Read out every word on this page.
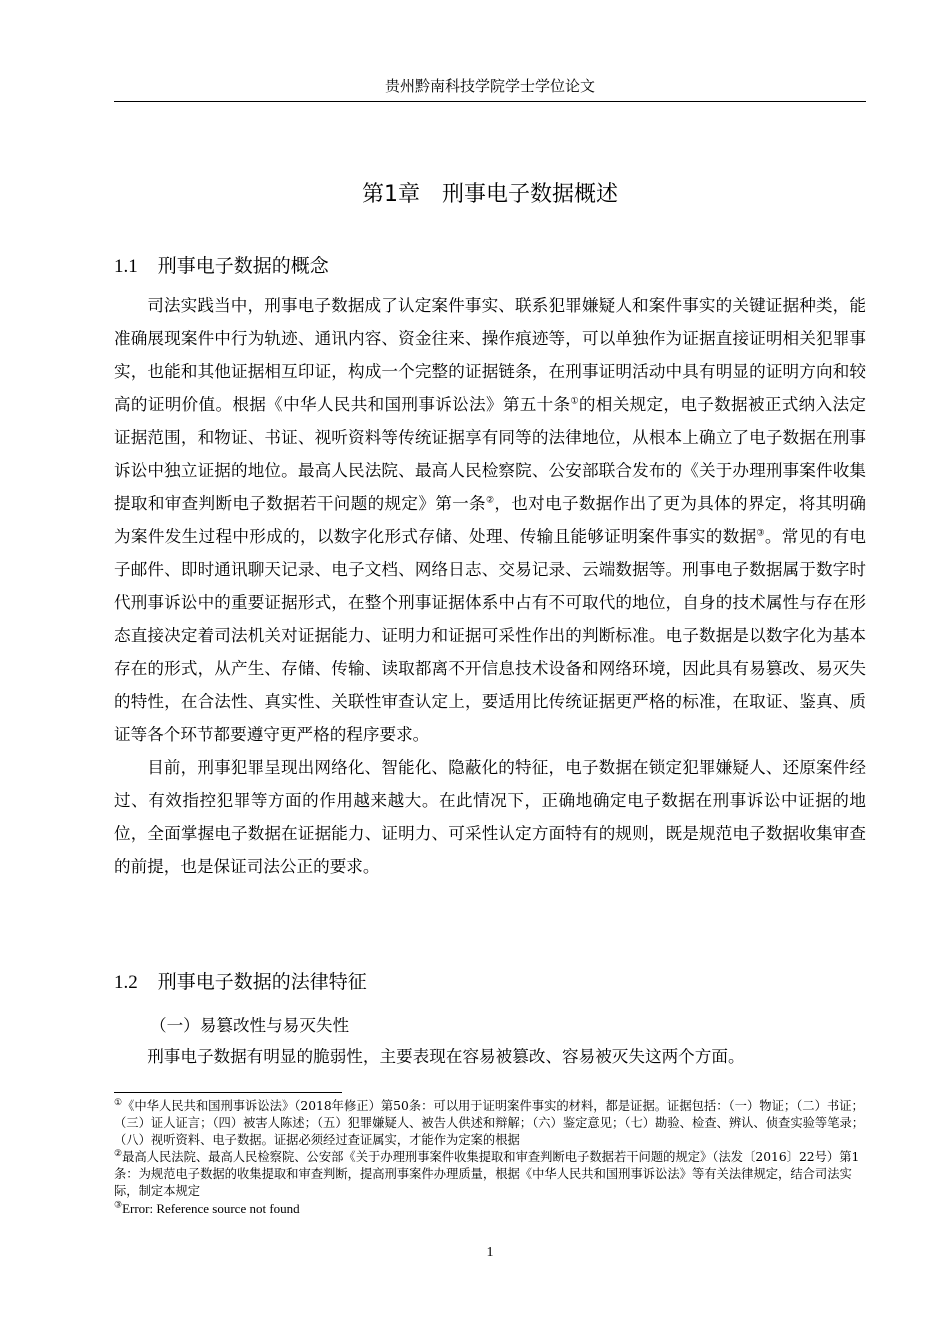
贵州黔南科技学院学士学位论文
第1章　刑事电子数据概述
1.1 刑事电子数据的概念

司法实践当中，刑事电子数据成了认定案件事实、联系犯罪嫌疑人和案件事实的关键证据种类，能准确展现案件中行为轨迹、通讯内容、资金往来、操作痕迹等，可以单独作为证据直接证明相关犯罪事实，也能和其他证据相互印证，构成一个完整的证据链条，在刑事证明活动中具有明显的证明方向和较高的证明价值。根据《中华人民共和国刑事诉讼法》第五十条①的相关规定，电子数据被正式纳入法定证据范围，和物证、书证、视听资料等传统证据享有同等的法律地位，从根本上确立了电子数据在刑事诉讼中独立证据的地位。最高人民法院、最高人民检察院、公安部联合发布的《关于办理刑事案件收集提取和审查判断电子数据若干问题的规定》第一条②，也对电子数据作出了更为具体的界定，将其明确为案件发生过程中形成的，以数字化形式存储、处理、传输且能够证明案件事实的数据③。常见的有电子邮件、即时通讯聊天记录、电子文档、网络日志、交易记录、云端数据等。刑事电子数据属于数字时代刑事诉讼中的重要证据形式，在整个刑事证据体系中占有不可取代的地位，自身的技术属性与存在形态直接决定着司法机关对证据能力、证明力和证据可采性作出的判断标准。电子数据是以数字化为基本存在的形式，从产生、存储、传输、读取都离不开信息技术设备和网络环境，因此具有易篡改、易灭失的特性，在合法性、真实性、关联性审查认定上，要适用比传统证据更严格的标准，在取证、鉴真、质证等各个环节都要遵守更严格的程序要求。

目前，刑事犯罪呈现出网络化、智能化、隐蔽化的特征，电子数据在锁定犯罪嫌疑人、还原案件经过、有效指控犯罪等方面的作用越来越大。在此情况下，正确地确定电子数据在刑事诉讼中证据的地位，全面掌握电子数据在证据能力、证明力、可采性认定方面特有的规则，既是规范电子数据收集审查的前提，也是保证司法公正的要求。

1.2 刑事电子数据的法律特征
（一）易篡改性与易灭失性

刑事电子数据有明显的脆弱性，主要表现在容易被篡改、容易被灭失这两个方面。

①《中华人民共和国刑事诉讼法》（2018年修正）第50条：可以用于证明案件事实的材料，都是证据。证据包括：（一）物证；（二）书证；（三）证人证言；（四）被害人陈述；（五）犯罪嫌疑人、被告人供述和辩解；（六）鉴定意见；（七）勘验、检查、辨认、侦查实验等笔录；（八）视听资料、电子数据。证据必须经过查证属实，才能作为定案的根据

②最高人民法院、最高人民检察院、公安部《关于办理刑事案件收集提取和审查判断电子数据若干问题的规定》（法发〔2016〕22号）第1条：为规范电子数据的收集提取和审查判断，提高刑事案件办理质量，根据《中华人民共和国刑事诉讼法》等有关法律规定，结合司法实际，制定本规定

③Error: Reference source not found

1
